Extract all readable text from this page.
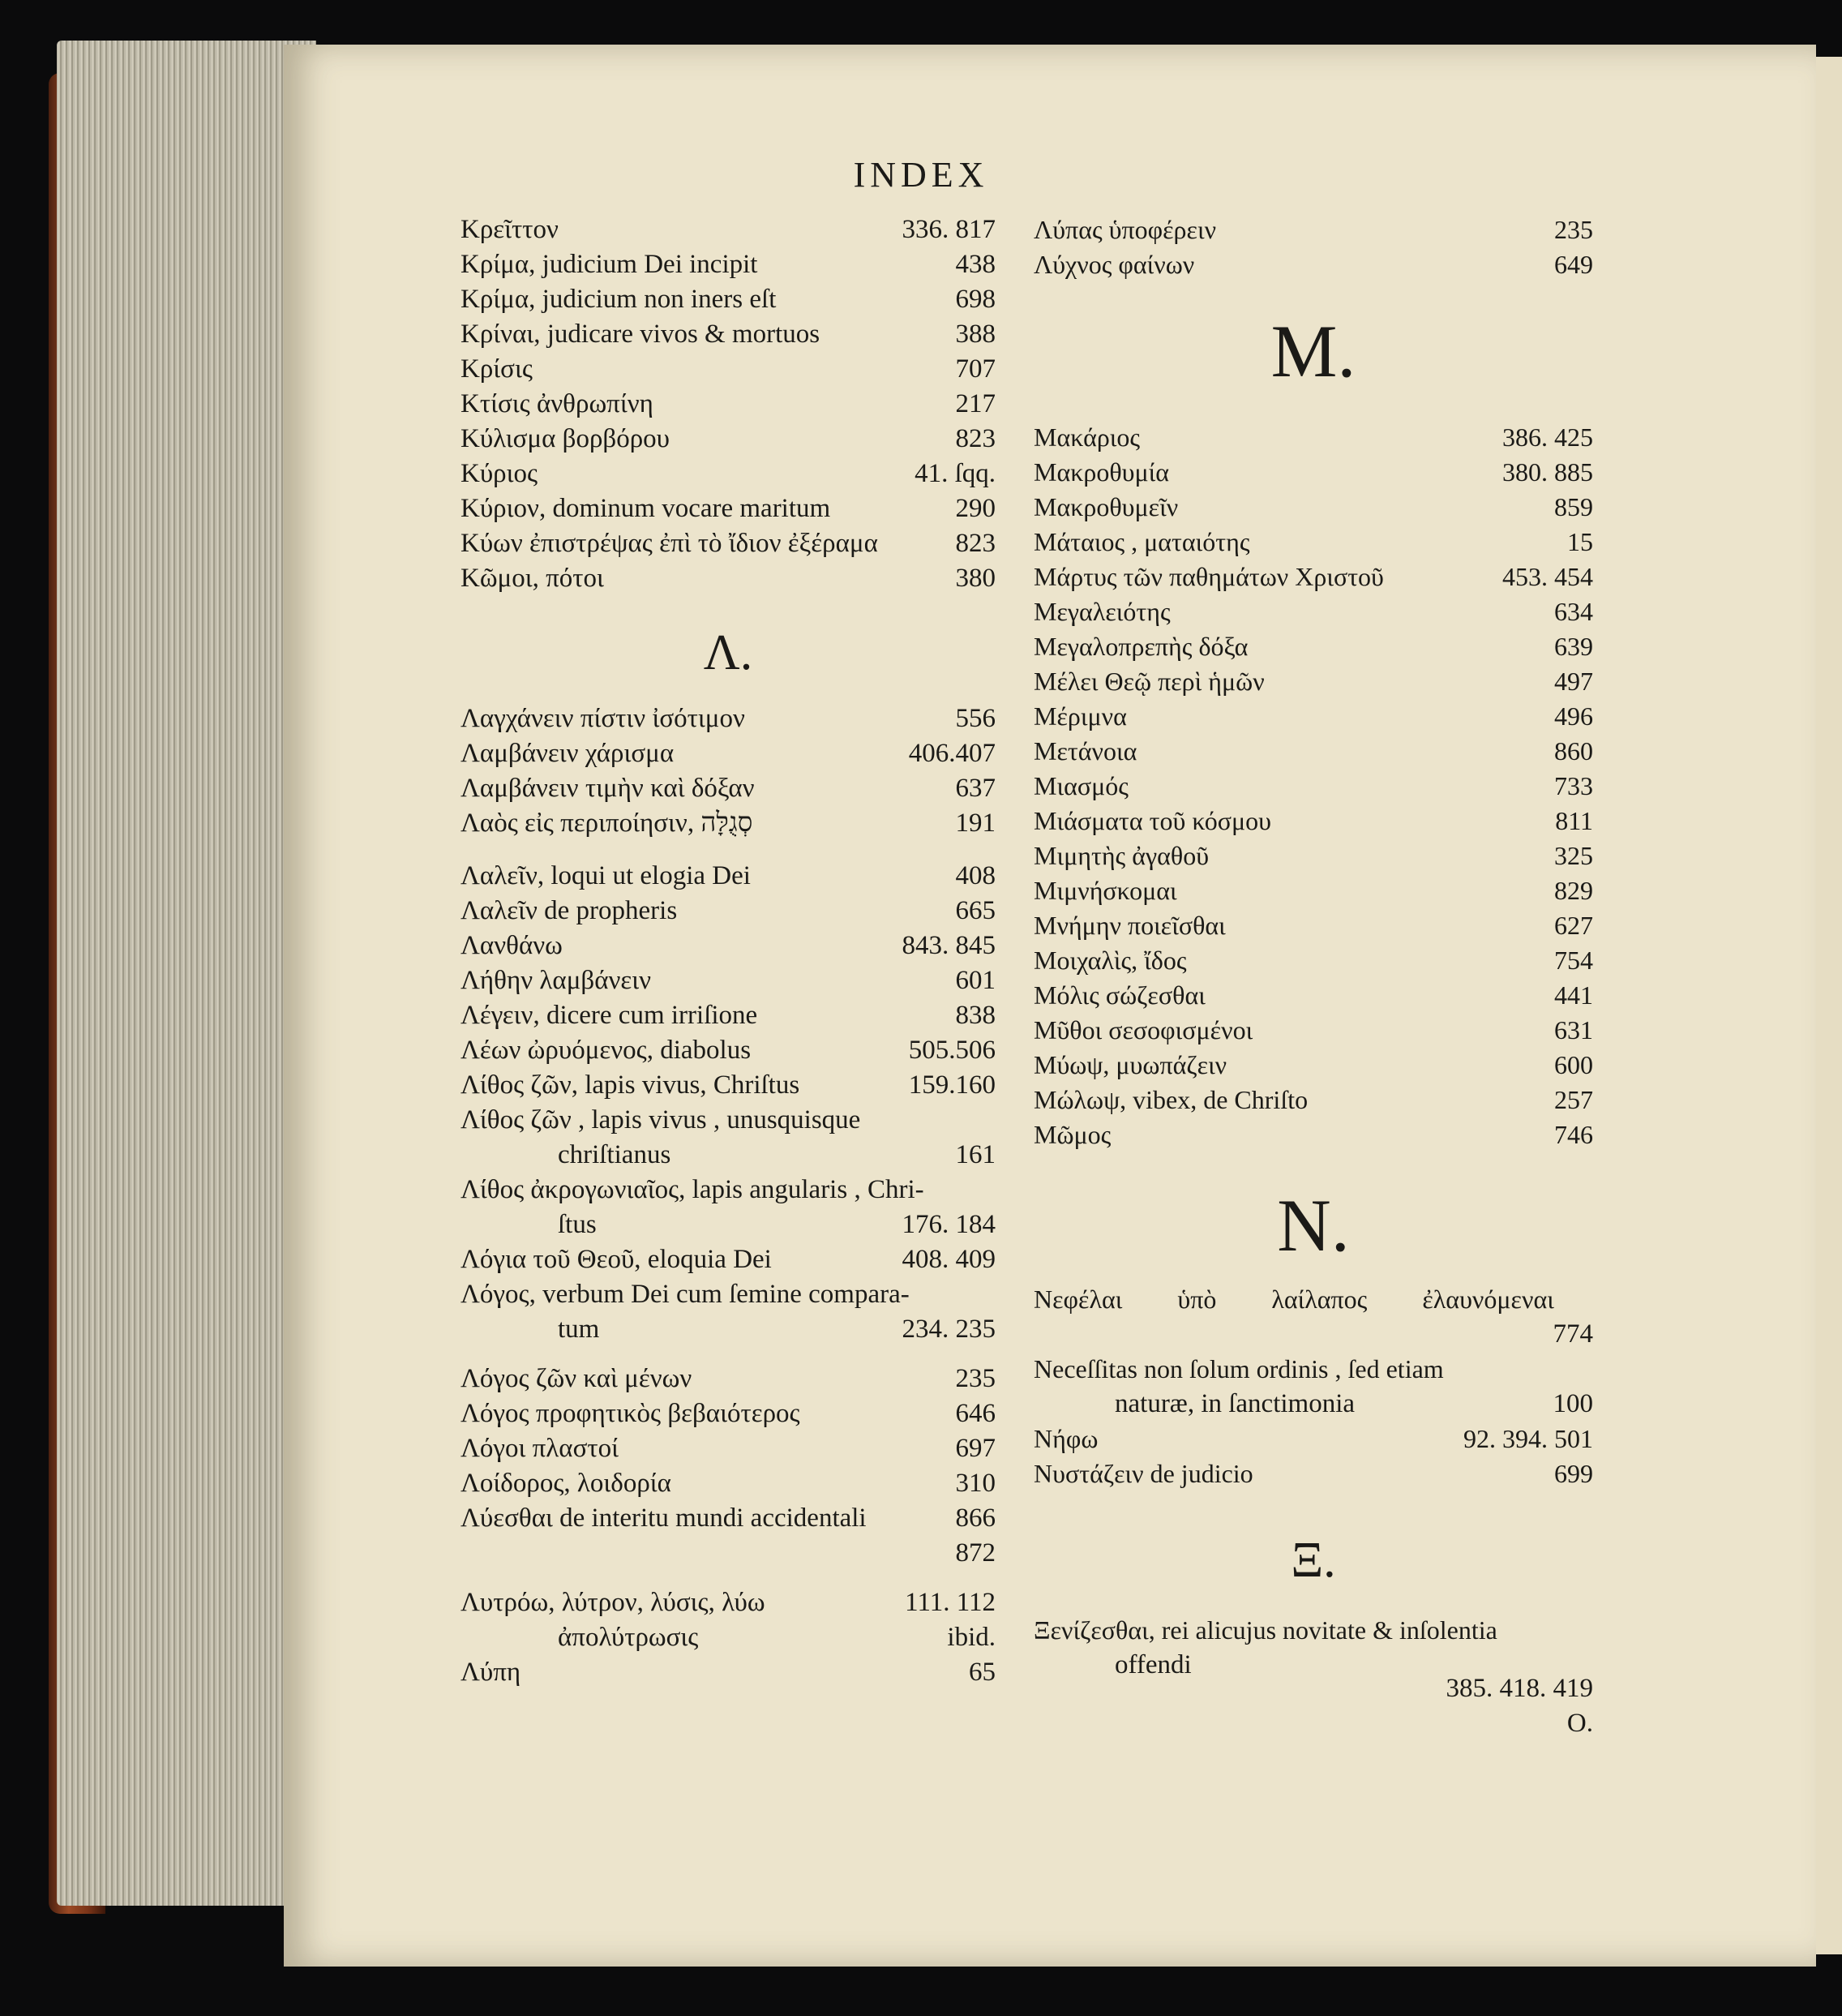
INDEX
Κρεῖττον	336. 817
Κρίμα, judicium Dei incipit	438
Κρίμα, judicium non iners eſt	698
Κρίναι, judicare vivos & mortuos	388
Κρίσις	707
Κτίσις ἀνθρωπίνη	217
Κύλισμα βορβόρου	823
Κύριος	41. ſqq.
Κύριον, dominum vocare maritum	290
Κύων ἐπιστρέψας ἐπὶ τὸ ἴδιον ἐξέραμα	823
Κῶμοι, πότοι	380
Λ.
Λαγχάνειν πίστιν ἰσότιμον	556
Λαμβάνειν χάρισμα	406.407
Λαμβάνειν τιμὴν καὶ δόξαν	637
Λαὸς εἰς περιποίησιν, סְגֻלָּה	191
Λαλεῖν, loqui ut elogia Dei	408
Λαλεῖν de propheris	665
Λανθάνω	843. 845
Λήθην λαμβάνειν	601
Λέγειν, dicere cum irriſione	838
Λέων ὠρυόμενος, diabolus	505.506
Λίθος ζῶν, lapis vivus, Chriſtus	159.160
Λίθος ζῶν , lapis vivus , unusquisque
chriſtianus	161
Λίθος ἀκρογωνιαῖος, lapis angularis , Chri-
ſtus	176. 184
Λόγια τοῦ Θεοῦ, eloquia Dei	408. 409
Λόγος, verbum Dei cum ſemine compara-
tum	234. 235
Λόγος ζῶν καὶ μένων	235
Λόγος προφητικὸς βεβαιότερος	646
Λόγοι πλαστοί	697
Λοίδορος, λοιδορία	310
Λύεσθαι de interitu mundi accidentali	866
872
Λυτρόω, λύτρον, λύσις, λύω	111. 112
ἀπολύτρωσις	ibid.
Λύπη	65
Λύπας ὑποφέρειν	235
Λύχνος φαίνων	649
M.
Μακάριος	386. 425
Μακροθυμία	380. 885
Μακροθυμεῖν	859
Μάταιος , ματαιότης	15
Μάρτυς τῶν παθημάτων Χριστοῦ	453. 454
Μεγαλειότης	634
Μεγαλοπρεπὴς δόξα	639
Μέλει Θεῷ περὶ ἡμῶν	497
Μέριμνα	496
Μετάνοια	860
Μιασμός	733
Μιάσματα τοῦ κόσμου	811
Μιμητὴς ἀγαθοῦ	325
Μιμνήσκομαι	829
Μνήμην ποιεῖσθαι	627
Μοιχαλὶς, ἴδος	754
Μόλις σώζεσθαι	441
Μῦθοι σεσοφισμένοι	631
Μύωψ, μυωπάζειν	600
Μώλωψ, vibex, de Chriſto	257
Μῶμος	746
N.
Νεφέλαι ὑπὸ λαίλαπος ἐλαυνόμεναι
774
Neceſſitas non ſolum ordinis , ſed etiam
naturæ, in ſanctimonia	100
Νήφω	92. 394. 501
Νυστάζειν de judicio	699
Ξ.
Ξενίζεσθαι, rei alicujus novitate & inſolentia
offendi
385. 418. 419
O.
